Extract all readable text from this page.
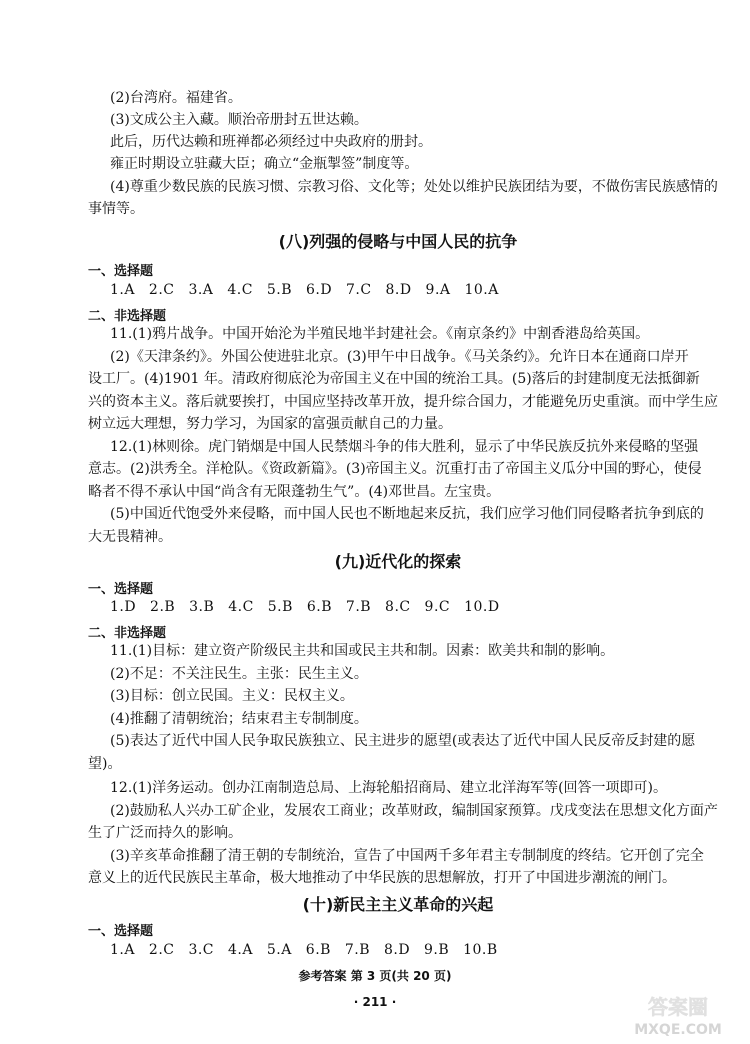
(2)台湾府。福建省。
(3)文成公主入藏。顺治帝册封五世达赖。
此后，历代达赖和班禅都必须经过中央政府的册封。
雍正时期设立驻藏大臣；确立“金瓶掣签”制度等。
(4)尊重少数民族的民族习惯、宗教习俗、文化等；处处以维护民族团结为要，不做伤害民族感情的
事情等。
(八)列强的侵略与中国人民的抗争
一、选择题
1.A 2.C 3.A 4.C 5.B 6.D 7.C 8.D 9.A 10.A
二、非选择题
11.(1)鸦片战争。中国开始沦为半殖民地半封建社会。《南京条约》中割香港岛给英国。
(2)《天津条约》。外国公使进驻北京。(3)甲午中日战争。《马关条约》。允许日本在通商口岸开
设工厂。(4)1901 年。清政府彻底沦为帝国主义在中国的统治工具。(5)落后的封建制度无法抵御新
兴的资本主义。落后就要挨打，中国应坚持改革开放，提升综合国力，才能避免历史重演。而中学生应
树立远大理想，努力学习，为国家的富强贡献自己的力量。
12.(1)林则徐。虎门销烟是中国人民禁烟斗争的伟大胜利，显示了中华民族反抗外来侵略的坚强
意志。(2)洪秀全。洋枪队。《资政新篇》。(3)帝国主义。沉重打击了帝国主义瓜分中国的野心，使侵
略者不得不承认中国“尚含有无限蓬勃生气”。(4)邓世昌。左宝贵。
(5)中国近代饱受外来侵略，而中国人民也不断地起来反抗，我们应学习他们同侵略者抗争到底的
大无畏精神。
(九)近代化的探索
一、选择题
1.D 2.B 3.B 4.C 5.B 6.B 7.B 8.C 9.C 10.D
二、非选择题
11.(1)目标：建立资产阶级民主共和国或民主共和制。因素：欧美共和制的影响。
(2)不足：不关注民生。主张：民生主义。
(3)目标：创立民国。主义：民权主义。
(4)推翻了清朝统治；结束君主专制制度。
(5)表达了近代中国人民争取民族独立、民主进步的愿望(或表达了近代中国人民反帝反封建的愿
望)。
12.(1)洋务运动。创办江南制造总局、上海轮船招商局、建立北洋海军等(回答一项即可)。
(2)鼓励私人兴办工矿企业，发展农工商业；改革财政，编制国家预算。戊戌变法在思想文化方面产
生了广泛而持久的影响。
(3)辛亥革命推翻了清王朝的专制统治，宣告了中国两千多年君主专制制度的终结。它开创了完全
意义上的近代民族民主革命，极大地推动了中华民族的思想解放，打开了中国进步潮流的闸门。
(十)新民主主义革命的兴起
一、选择题
1.A 2.C 3.C 4.A 5.A 6.B 7.B 8.D 9.B 10.B
参考答案 第 3 页(共 20 页)
· 211 ·	答案圈
MXQE.COM
